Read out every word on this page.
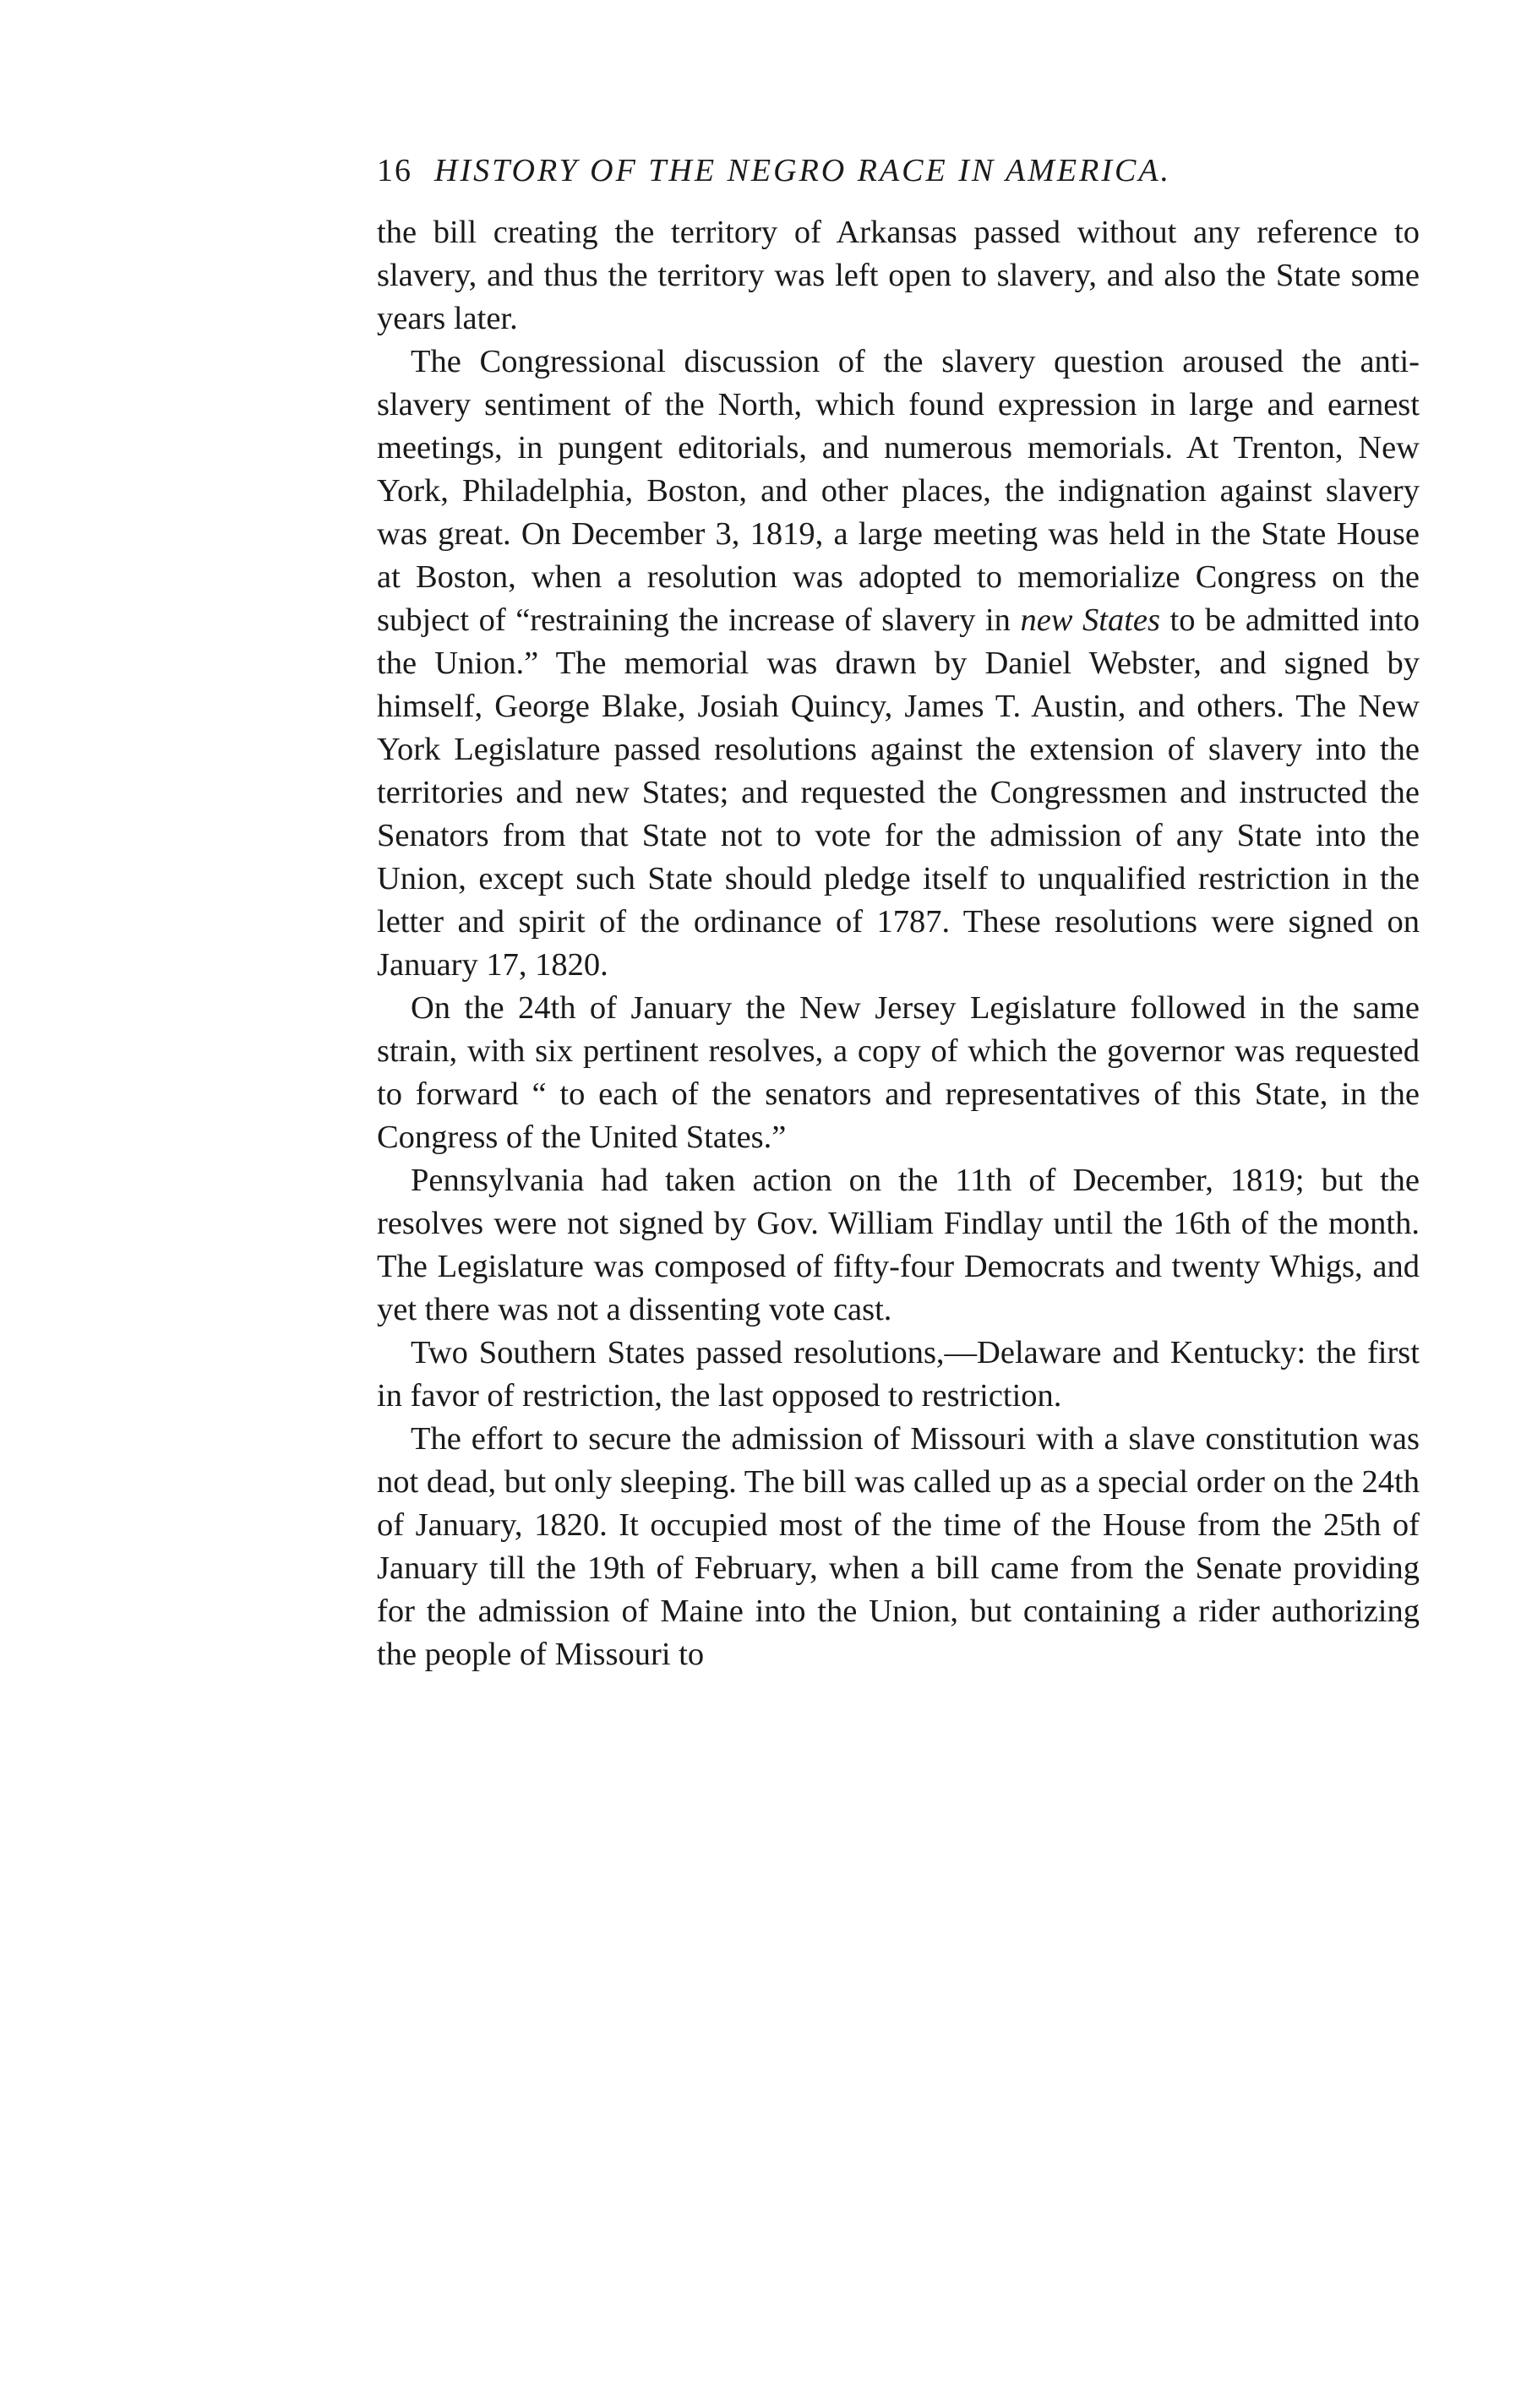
16 HISTORY OF THE NEGRO RACE IN AMERICA.

the bill creating the territory of Arkansas passed without any reference to slavery, and thus the territory was left open to slavery, and also the State some years later.

The Congressional discussion of the slavery question aroused the anti-slavery sentiment of the North, which found expression in large and earnest meetings, in pungent editorials, and numerous memorials. At Trenton, New York, Philadelphia, Boston, and other places, the indignation against slavery was great. On December 3, 1819, a large meeting was held in the State House at Boston, when a resolution was adopted to memorialize Congress on the subject of “restraining the increase of slavery in new States to be admitted into the Union.” The memorial was drawn by Daniel Webster, and signed by himself, George Blake, Josiah Quincy, James T. Austin, and others. The New York Legislature passed resolutions against the extension of slavery into the territories and new States; and requested the Congressmen and instructed the Senators from that State not to vote for the admission of any State into the Union, except such State should pledge itself to unqualified restriction in the letter and spirit of the ordinance of 1787. These resolutions were signed on January 17, 1820.

On the 24th of January the New Jersey Legislature followed in the same strain, with six pertinent resolves, a copy of which the governor was requested to forward “ to each of the senators and representatives of this State, in the Congress of the United States.”

Pennsylvania had taken action on the 11th of December, 1819; but the resolves were not signed by Gov. William Findlay until the 16th of the month. The Legislature was composed of fifty-four Democrats and twenty Whigs, and yet there was not a dissenting vote cast.

Two Southern States passed resolutions,—Delaware and Kentucky: the first in favor of restriction, the last opposed to restriction.

The effort to secure the admission of Missouri with a slave constitution was not dead, but only sleeping. The bill was called up as a special order on the 24th of January, 1820. It occupied most of the time of the House from the 25th of January till the 19th of February, when a bill came from the Senate providing for the admission of Maine into the Union, but containing a rider authorizing the people of Missouri to
